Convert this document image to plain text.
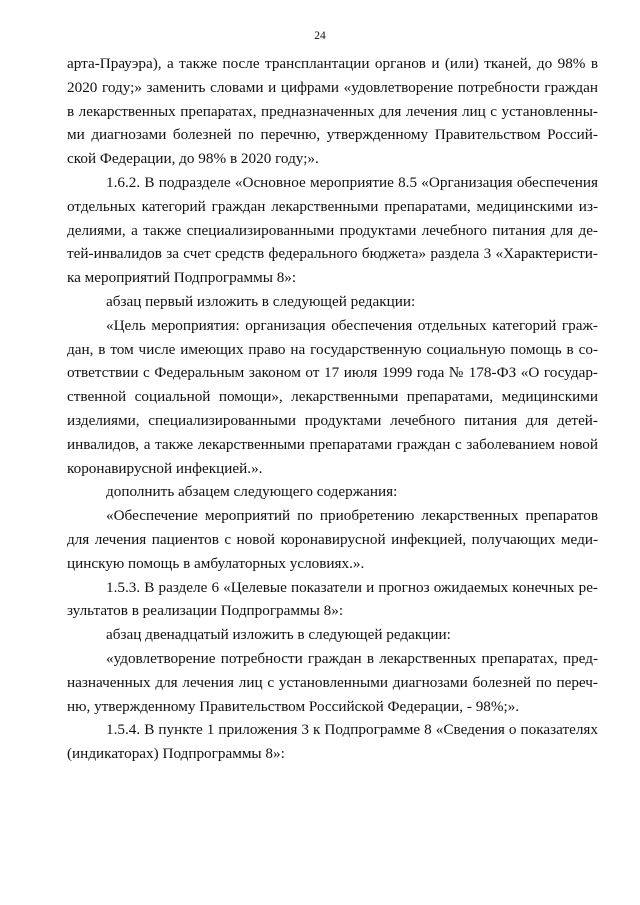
24
арта-Прауэра), а также после трансплантации органов и (или) тканей, до 98% в
2020 году;» заменить словами и цифрами «удовлетворение потребности граждан
в лекарственных препаратах, предназначенных для лечения лиц с установленны-
ми диагнозами болезней по перечню, утвержденному Правительством Россий-
ской Федерации, до 98% в 2020 году;».
1.6.2. В подразделе «Основное мероприятие 8.5 «Организация обеспечения
отдельных категорий граждан лекарственными препаратами, медицинскими из-
делиями, а также специализированными продуктами лечебного питания для де-
тей-инвалидов за счет средств федерального бюджета» раздела 3 «Характеристи-
ка мероприятий Подпрограммы 8»:
абзац первый изложить в следующей редакции:
«Цель мероприятия: организация обеспечения отдельных категорий граж-
дан, в том числе имеющих право на государственную социальную помощь в со-
ответствии с Федеральным законом от 17 июля 1999 года № 178-ФЗ «О государ-
ственной социальной помощи», лекарственными препаратами, медицинскими
изделиями, специализированными продуктами лечебного питания для детей-
инвалидов, а также лекарственными препаратами граждан с заболеванием новой
коронавирусной инфекцией.».
дополнить абзацем следующего содержания:
«Обеспечение мероприятий по приобретению лекарственных препаратов
для лечения пациентов с новой коронавирусной инфекцией, получающих меди-
цинскую помощь в амбулаторных условиях.».
1.5.3. В разделе 6 «Целевые показатели и прогноз ожидаемых конечных ре-
зультатов в реализации Подпрограммы 8»:
абзац двенадцатый изложить в следующей редакции:
«удовлетворение потребности граждан в лекарственных препаратах, пред-
назначенных для лечения лиц с установленными диагнозами болезней по переч-
ню, утвержденному Правительством Российской Федерации, - 98%;».
1.5.4. В пункте 1 приложения 3 к Подпрограмме 8 «Сведения о показателях
(индикаторах) Подпрограммы 8»:
